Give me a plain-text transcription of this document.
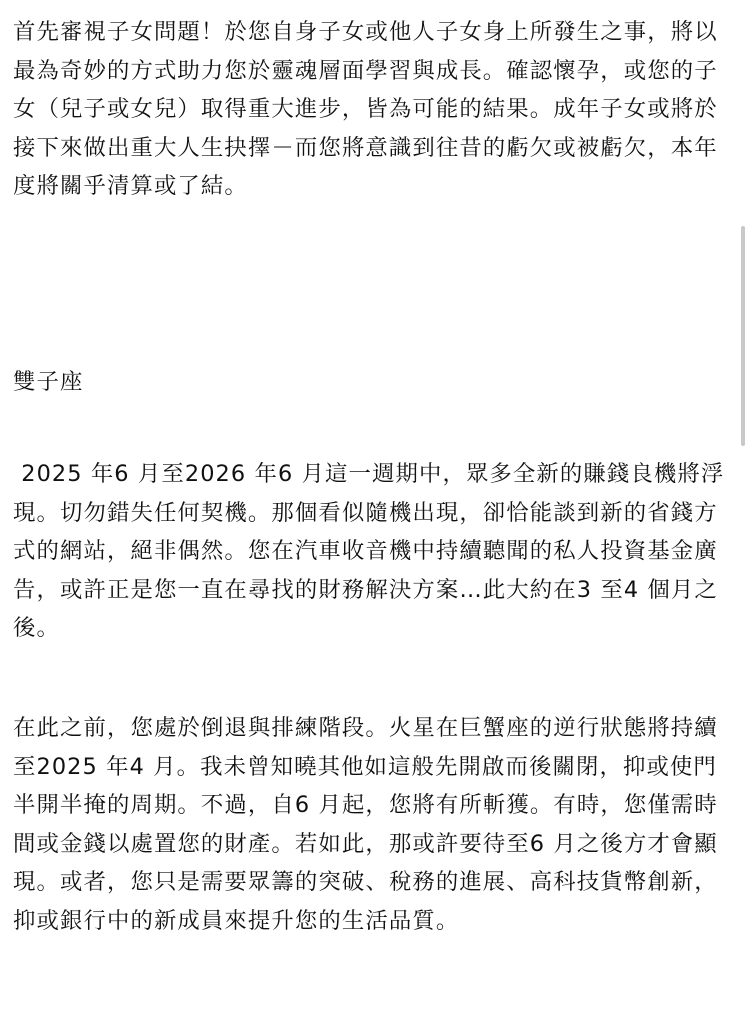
首先審視子女問題！於您自身子女或他人子女身上所發生之事，將以最為奇妙的方式助力您於靈魂層面學習與成長。確認懷孕，或您的子女（兒子或女兒）取得重大進步，皆為可能的結果。成年子女或將於接下來做出重大人生抉擇－而您將意識到往昔的虧欠或被虧欠，本年度將關乎清算或了結。

雙子座

2025 年6 月至2026 年6 月這一週期中，眾多全新的賺錢良機將浮現。切勿錯失任何契機。那個看似隨機出現，卻恰能談到新的省錢方式的網站，絕非偶然。您在汽車收音機中持續聽聞的私人投資基金廣告，或許正是您一直在尋找的財務解決方案…此大約在3 至4 個月之後。

在此之前，您處於倒退與排練階段。火星在巨蟹座的逆行狀態將持續至2025 年4 月。我未曾知曉其他如這般先開啟而後關閉，抑或使門半開半掩的周期。不過，自6 月起，您將有所斬獲。有時，您僅需時間或金錢以處置您的財產。若如此，那或許要待至6 月之後方才會顯現。或者，您只是需要眾籌的突破、稅務的進展、高科技貨幣創新，抑或銀行中的新成員來提升您的生活品質。
